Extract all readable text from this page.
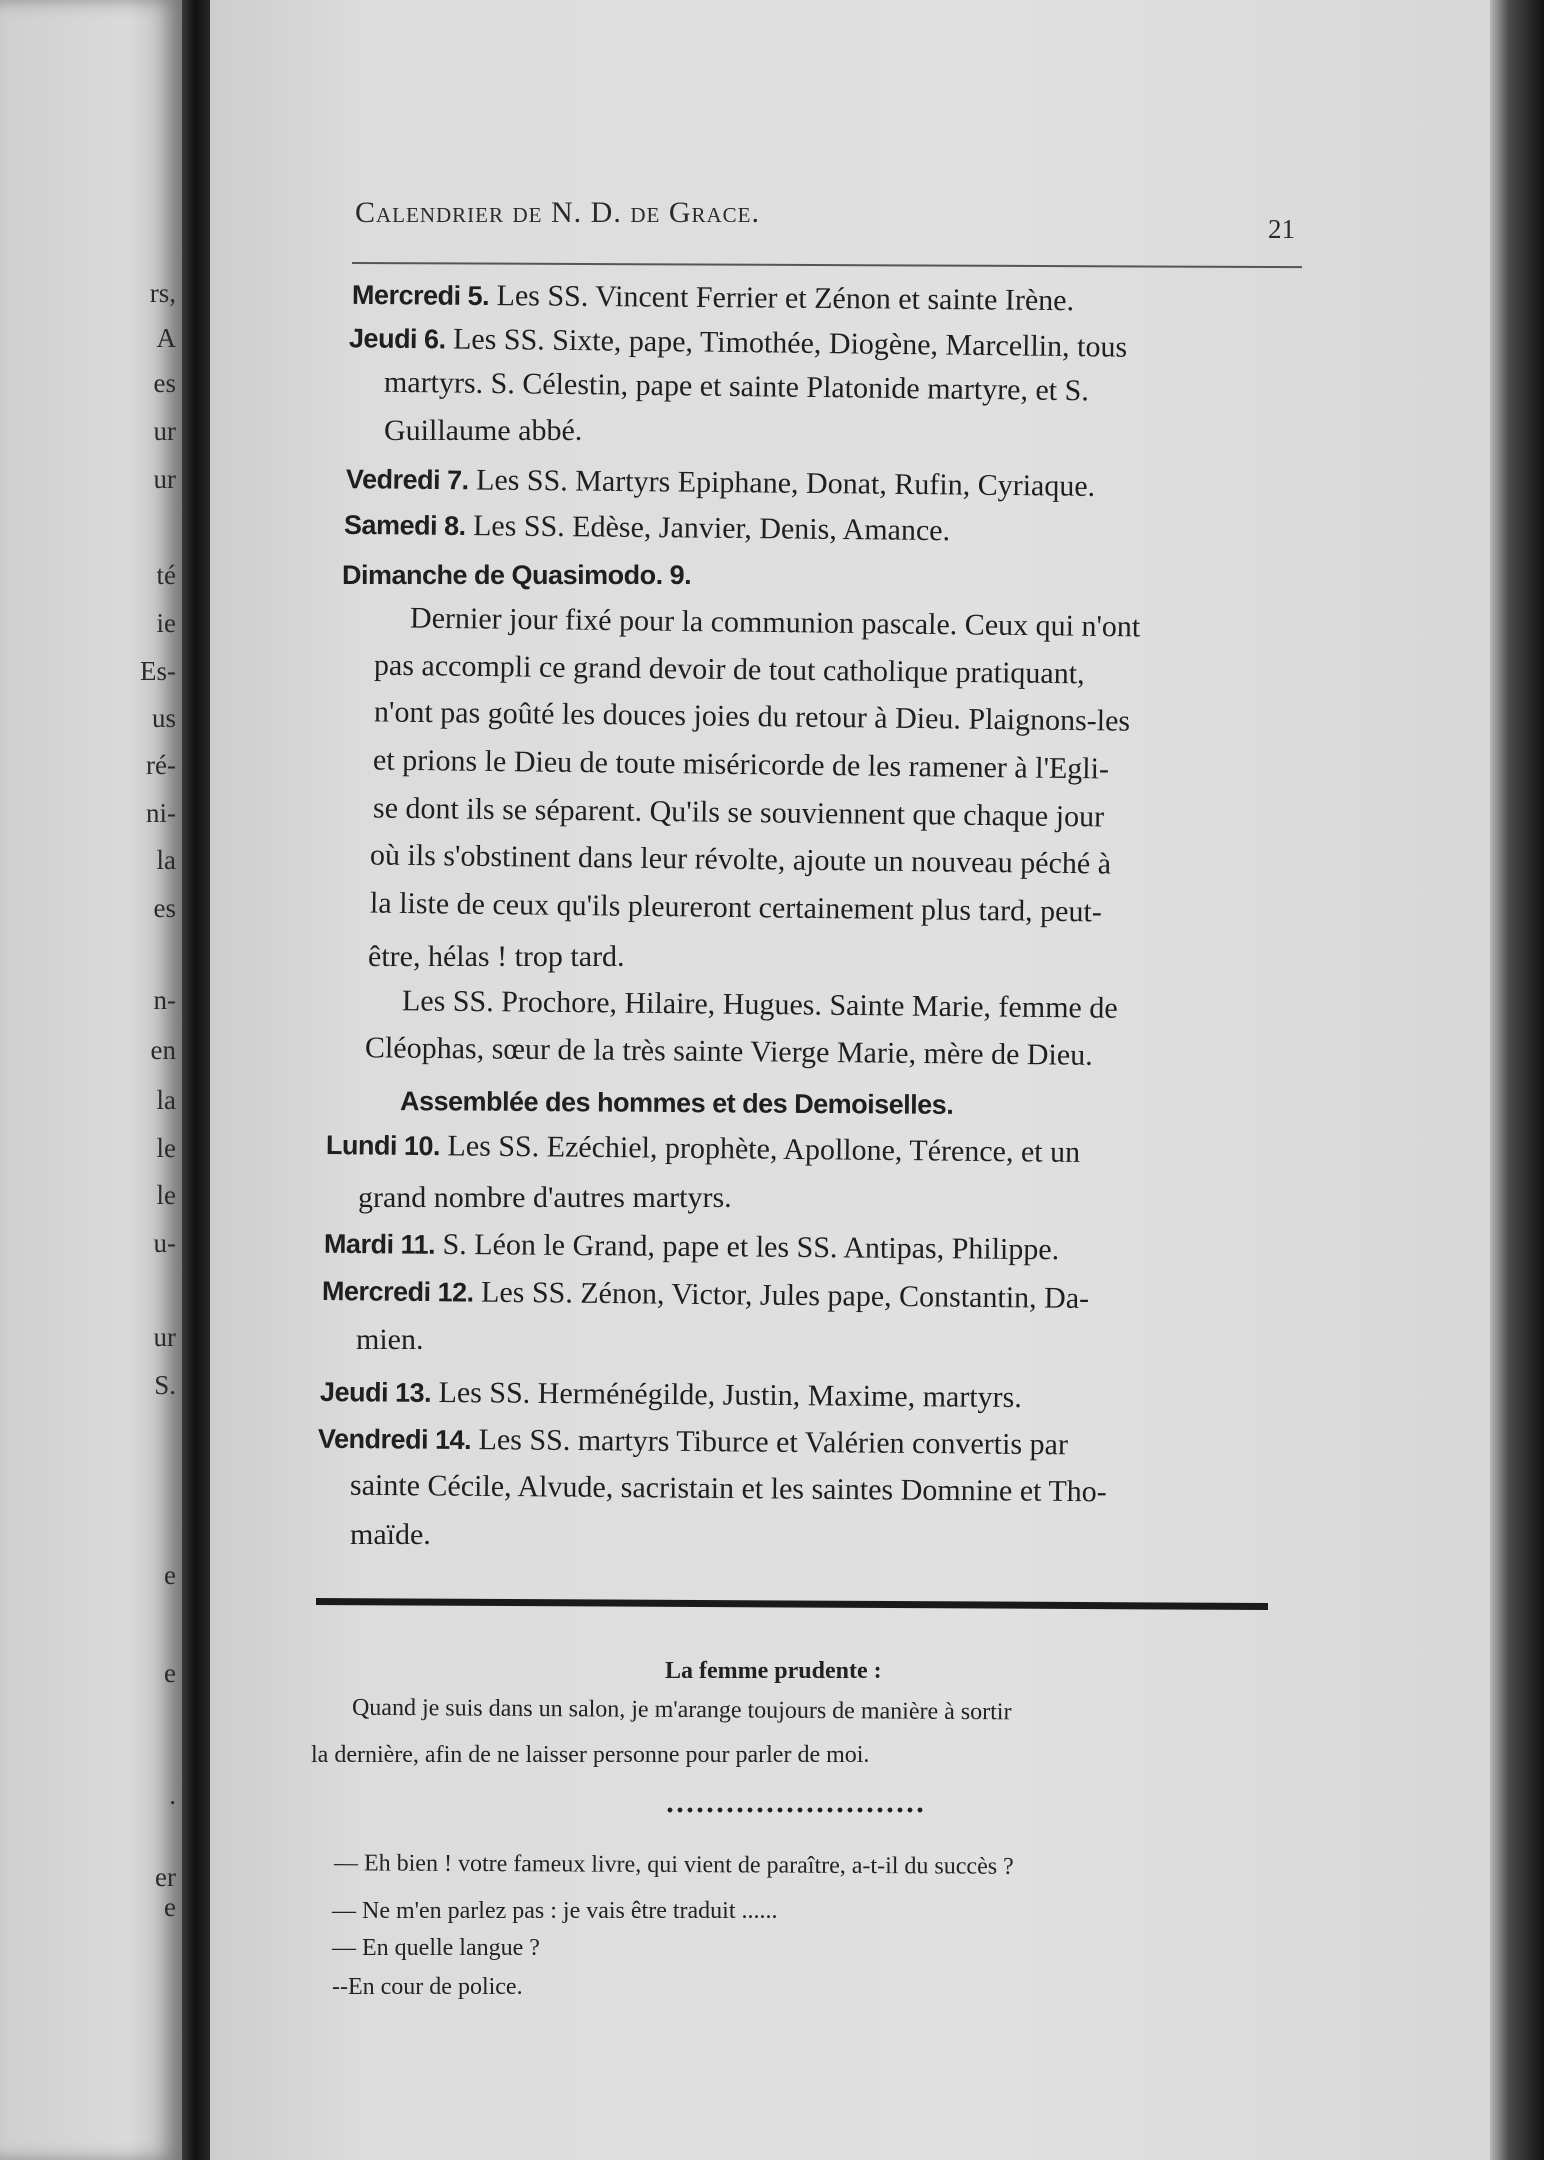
rs,
A
es
ur
ur
té
ie
Es-
us
ré-
ni-
la
es
n-
en
la
le
le
u-
ur
S.
e
e
.
er
e
Calendrier de N. D. de Grace.	21
Mercredi 5. Les SS. Vincent Ferrier et Zénon et sainte Irène.
Jeudi 6. Les SS. Sixte, pape, Timothée, Diogène, Marcellin, tous
martyrs. S. Célestin, pape et sainte Platonide martyre, et S.
Guillaume abbé.
Vedredi 7. Les SS. Martyrs Epiphane, Donat, Rufin, Cyriaque.
Samedi 8. Les SS. Edèse, Janvier, Denis, Amance.
Dimanche de Quasimodo. 9.
Dernier jour fixé pour la communion pascale. Ceux qui n'ont
pas accompli ce grand devoir de tout catholique pratiquant,
n'ont pas goûté les douces joies du retour à Dieu. Plaignons-les
et prions le Dieu de toute miséricorde de les ramener à l'Egli-
se dont ils se séparent. Qu'ils se souviennent que chaque jour
où ils s'obstinent dans leur révolte, ajoute un nouveau péché à
la liste de ceux qu'ils pleureront certainement plus tard, peut-
être, hélas ! trop tard.
Les SS. Prochore, Hilaire, Hugues. Sainte Marie, femme de
Cléophas, sœur de la très sainte Vierge Marie, mère de Dieu.
Assemblée des hommes et des Demoiselles.
Lundi 10. Les SS. Ezéchiel, prophète, Apollone, Térence, et un
grand nombre d'autres martyrs.
Mardi 11. S. Léon le Grand, pape et les SS. Antipas, Philippe.
Mercredi 12. Les SS. Zénon, Victor, Jules pape, Constantin, Da-
mien.
Jeudi 13. Les SS. Herménégilde, Justin, Maxime, martyrs.
Vendredi 14. Les SS. martyrs Tiburce et Valérien convertis par
sainte Cécile, Alvude, sacristain et les saintes Domnine et Tho-
maïde.
La femme prudente :
Quand je suis dans un salon, je m'arange toujours de manière à sortir
la dernière, afin de ne laisser personne pour parler de moi.
— Eh bien ! votre fameux livre, qui vient de paraître, a-t-il du succès ?
— Ne m'en parlez pas : je vais être traduit ......
— En quelle langue ?
--En cour de police.
